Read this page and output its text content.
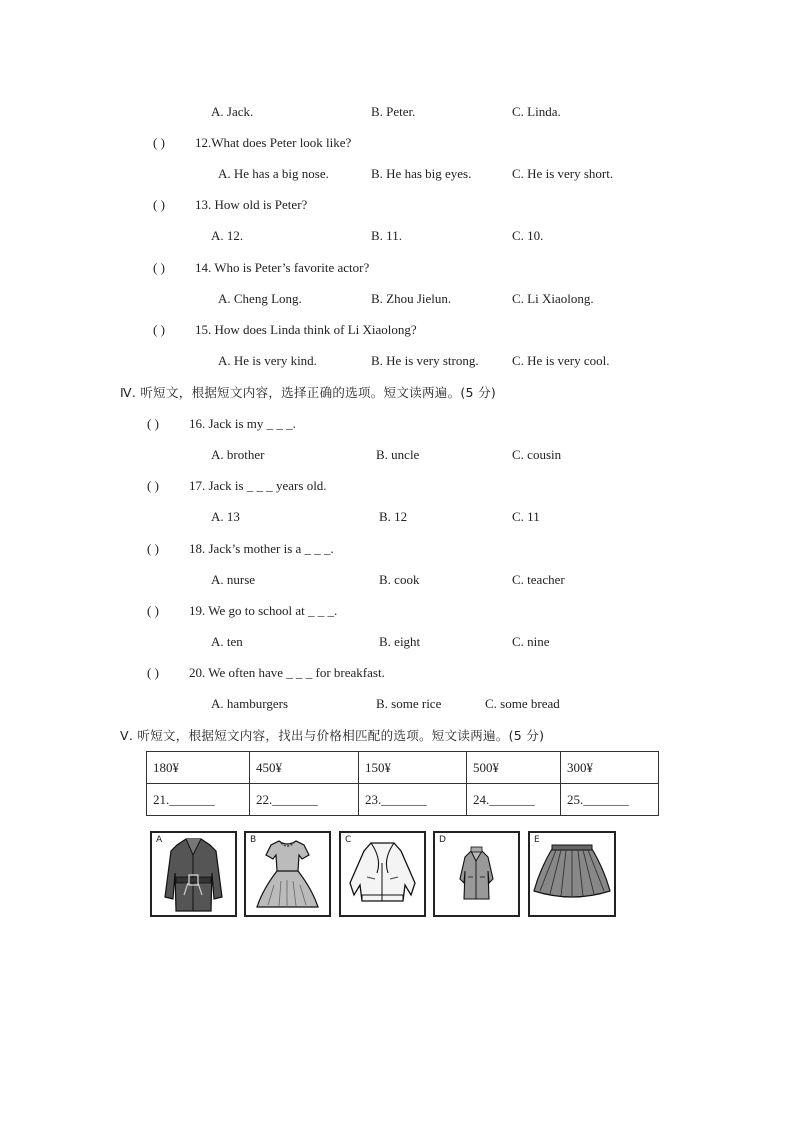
A. Jack.	B. Peter.	C. Linda.
( ) 12.What does Peter look like?
A. He has a big nose.	B. He has big eyes.	C. He is very short.
( ) 13. How old is Peter?
A. 12.	B. 11.	C. 10.
( ) 14. Who is Peter’s favorite actor?
A. Cheng Long.	B. Zhou Jielun.	C. Li Xiaolong.
( ) 15. How does Linda think of Li Xiaolong?
A. He is very kind.	B. He is very strong.	C. He is very cool.
Ⅳ. 听短文，根据短文内容，选择正确的选项。短文读两遍。(5 分)
( ) 16. Jack is my _ _ _.
A. brother	B. uncle	C. cousin
( ) 17. Jack is _ _ _ years old.
A. 13	B. 12	C. 11
( ) 18. Jack’s mother is a _ _ _.
A. nurse	B. cook	C. teacher
( ) 19. We go to school at _ _ _.
A. ten	B. eight	C. nine
( ) 20. We often have _ _ _ for breakfast.
A. hamburgers	B. some rice	C. some bread
Ⅴ. 听短文，根据短文内容，找出与价格相匹配的选项。短文读两遍。(5 分)
180¥	450¥	150¥	500¥	300¥
21._______	22._______	23._______	24._______	25._______
A	B	C	D	E
